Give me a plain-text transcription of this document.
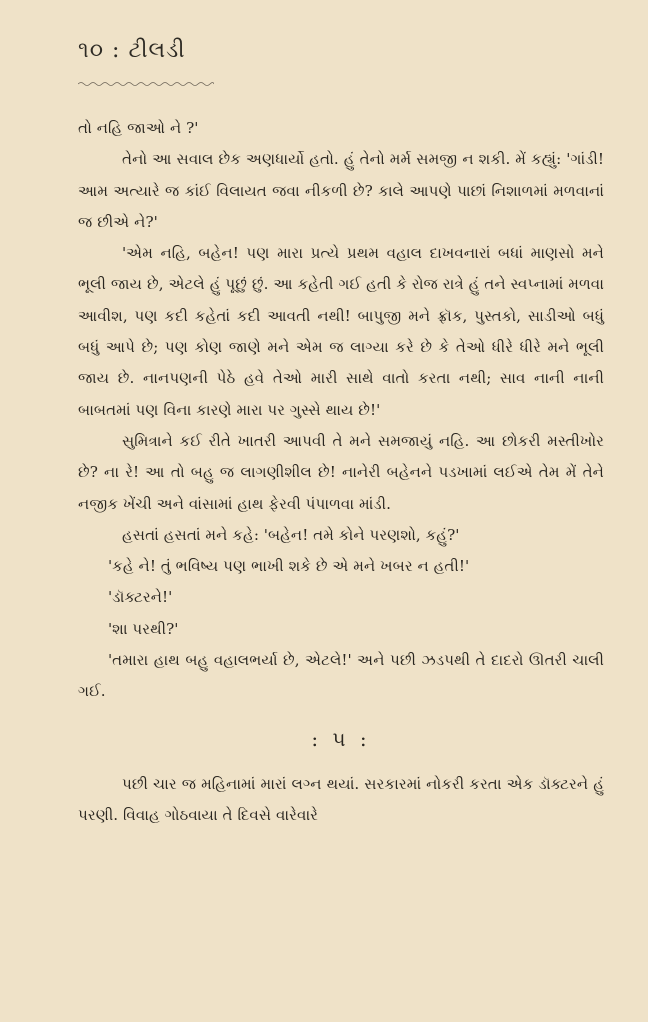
૧૦ : ટીલડી

તો નહિ જાઓ ને ?'

તેનો આ સવાલ છેક અણધાર્યો હતો. હું તેનો મર્મ સમજી ન શકી. મેં કહ્યું: 'ગાંડી! આમ અત્યારે જ કાંઈ વિલાયત જવા નીકળી છે? કાલે આપણે પાછાં નિશાળમાં મળવાનાં જ છીએ ને?'

'એમ નહિ, બહેન! પણ મારા પ્રત્યે પ્રથમ વહાલ દાખવનારાં બધાં માણસો મને ભૂલી જાય છે, એટલે હું પૂછું છું. આ કહેતી ગઈ હતી કે રોજ રાત્રે હું તને સ્વપ્નામાં મળવા આવીશ, પણ કદી કહેતાં કદી આવતી નથી! બાપુજી મને ફ્રૉક, પુસ્તકો, સાડીઓ બધું બધું આપે છે; પણ કોણ જાણે મને એમ જ લાગ્યા કરે છે કે તેઓ ધીરે ધીરે મને ભૂલી જાય છે. નાનપણની પેઠે હવે તેઓ મારી સાથે વાતો કરતા નથી; સાવ નાની નાની બાબતમાં પણ વિના કારણે મારા પર ગુસ્સે થાય છે!'

સુમિત્રાને કઈ રીતે ખાતરી આપવી તે મને સમજાયું નહિ. આ છોકરી મસ્તીખોર છે? ના રે! આ તો બહુ જ લાગણીશીલ છે! નાનેરી બહેનને પડખામાં લઈએ તેમ મેં તેને નજીક ખેંચી અને વાંસામાં હાથ ફેરવી પંપાળવા માંડી.

હસતાં હસતાં મને કહે: 'બહેન! તમે કોને પરણશો, કહું?'

'કહે ને! તું ભવિષ્ય પણ ભાખી શકે છે એ મને ખબર ન હતી!'

'ડૉક્ટરને!'

'શા પરથી?'

'તમારા હાથ બહુ વહાલભર્યા છે, એટલે!' અને પછી ઝડપથી તે દાદરો ઊતરી ચાલી ગઈ.

: ૫ :

પછી ચાર જ મહિનામાં મારાં લગ્ન થયાં. સરકારમાં નોકરી કરતા એક ડૉક્ટરને હું પરણી. વિવાહ ગોઠવાયા તે દિવસે વારેવારે
